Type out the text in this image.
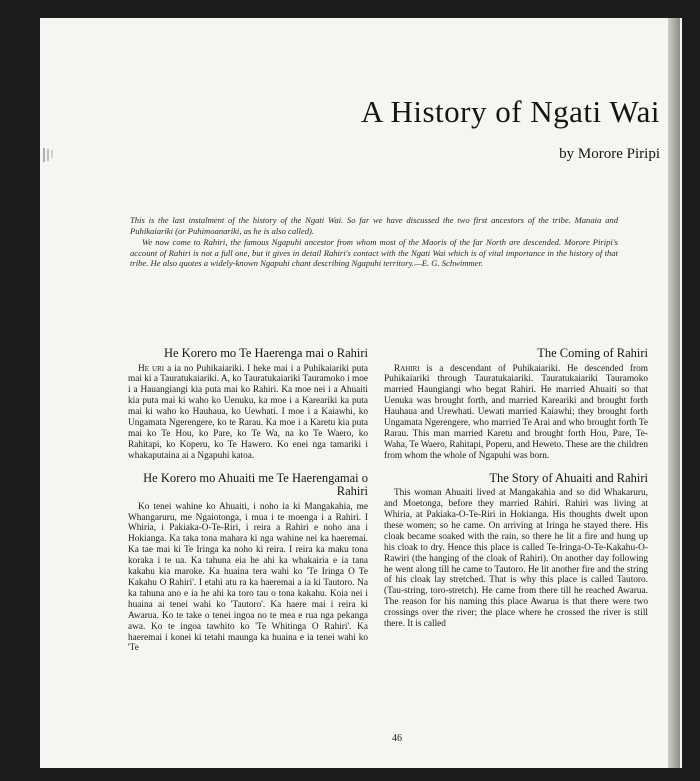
A History of Ngati Wai
by Morore Piripi

This is the last instalment of the history of the Ngati Wai. So far we have discussed the two first ancestors of the tribe. Manaia and Puhikaiariki (or Puhimoanariki, as he is also called).

We now come to Rahiri, the famous Ngapuhi ancestor from whom most of the Maoris of the far North are descended. Morore Piripi's account of Rahiri is not a full one, but it gives in detail Rahiri's contact with the Ngati Wai which is of vital importance in the history of that tribe. He also quotes a widely-known Ngapuhi chant describing Ngapuhi territory.—E. G. Schwimmer.

He Korero mo Te Haerenga mai o Rahiri

He uri a ia no Puhikaiariki. I heke mai i a Puhikaiariki puta mai ki a Tauratukaiariki. A, ko Tauratukaiariki Tauramoko i moe i a Hauangiangi kia puta mai ko Rahiri. Ka moe nei i a Ahuaiti kia puta mai ki waho ko Uenuku, ka moe i a Kareariki ka puta mai ki waho ko Hauhaua, ko Uewhati. I moe i a Kaiawhi, ko Ungamata Ngerengere, ko te Rarau. Ka moe i a Karetu kia puta mai ko Te Hou, ko Pare, ko Te Wa, na ko Te Waero, ko Rahitapi, ko Koperu, ko Te Hawero. Ko enei nga tamariki i whakaputaina ai a Ngapuhi katoa.

He Korero mo Ahuaiti me Te Haerengamai o Rahiri

Ko tenei wahine ko Ahuaiti, i noho ia ki Mangakahia, me Whangaruru, me Ngaiotonga, i mua i te moenga i a Rahiri. I Whiria, i Pakiaka-O-Te-Riri, i reira a Rahiri e noho ana i Hokianga. Ka taka tona mahara ki nga wahine nei ka haeremai. Ka tae mai ki Te Iringa ka noho ki reira. I reira ka maku tona koraka i te ua. Ka tahuna eia he ahi ka whakairia e ia tana kakahu kia maroke. Ka huaina tera wahi ko 'Te Iringa O Te Kakahu O Rahiri'. I etahi atu ra ka haeremai a ia ki Tautoro. Na ka tahuna ano e ia he ahi ka toro tau o tona kakahu. Koia nei i huaina ai tenei wahi ko 'Tautoro'. Ka haere mai i reira ki Awarua. Ko te take o tenei ingoa no te mea e rua nga pekanga awa. Ko te ingoa tawhito ko 'Te Whitinga O Rahiri'. Ka haeremai i konei ki tetahi maunga ka huaina e ia tenei wahi ko 'Te

The Coming of Rahiri

Rahiri is a descendant of Puhikaiariki. He descended from Puhikaiariki through Tauratukaiariki. Tauratukaiariki Tauramoko married Haungiangi who begat Rahiri. He married Ahuaiti so that Uenuka was brought forth, and married Kareariki and brought forth Hauhaua and Urewhati. Uewati married Kaiawhi; they brought forth Ungamata Ngerengere, who married Te Arai and who brought forth Te Rarau. This man married Karetu and brought forth Hou, Pare, Te-Waha, Te Waero, Rahitapi, Poperu, and Heweto. These are the children from whom the whole of Ngapuhi was born.

The Story of Ahuaiti and Rahiri

This woman Ahuaiti lived at Mangakahia and so did Whakaruru, and Moetonga, before they married Rahiri. Rahiri was living at Whiria, at Pakiaka-O-Te-Riri in Hokianga. His thoughts dwelt upon these women; so he came. On arriving at Iringa he stayed there. His cloak became soaked with the rain, so there he lit a fire and hung up his cloak to dry. Hence this place is called Te-Iringa-O-Te-Kakahu-O-Rawiri (the hanging of the cloak of Rahiri). On another day following he went along till he came to Tautoro. He lit another fire and the string of his cloak lay stretched. That is why this place is called Tautoro. (Tau-string, toro-stretch). He came from there till he reached Awarua. The reason for his naming this place Awarua is that there were two crossings over the river; the place where he crossed the river is still there. It is called

46
